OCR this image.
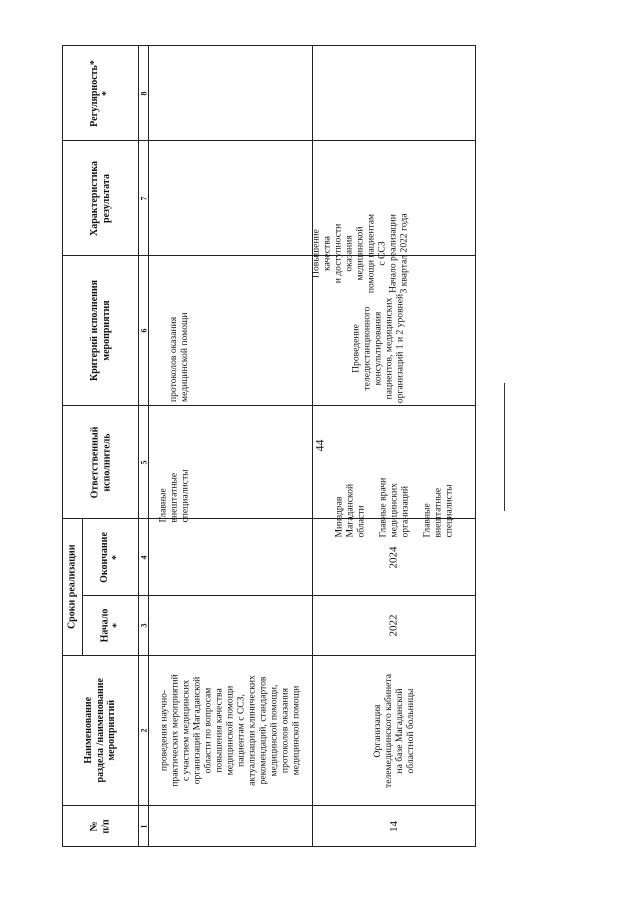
44
Регулярность*
*
Характеристика
результата
Критерий исполнения
мероприятия
Ответственный
исполнитель
Сроки реализации Окончание
*
Начало
*
Наименование
раздела /наименование
мероприятий
№
п/п
8
7
6
5
4
3
2
1
протоколов оказания
медицинской помощи
Главные
внештатные
специалисты
проведения научно-
практических мероприятий
с участием медицинских
организаций Магаданской
области по вопросам
повышения качества
медицинской помощи
пациентам с ССЗ,
актуализации клинических
рекомендаций, стандартов
медицинской помощи,
протоколов оказания
медицинской помощи
Повышение
качества
и доступности
оказания
медицинской
помощи пациентам
с ССЗ
Начало реализации
3 квартал 2022 года
Проведение
теледистанционного
консультирования
пациентов, медицинских
организаций 1 и 2 уровней
Минздрав
Магаданской
области

Главные врачи
медицинских
организаций

Главные
внештатные
специалисты
2024
2022
Организация
телемедицинского кабинета
на базе Магаданской
областной больницы
14
